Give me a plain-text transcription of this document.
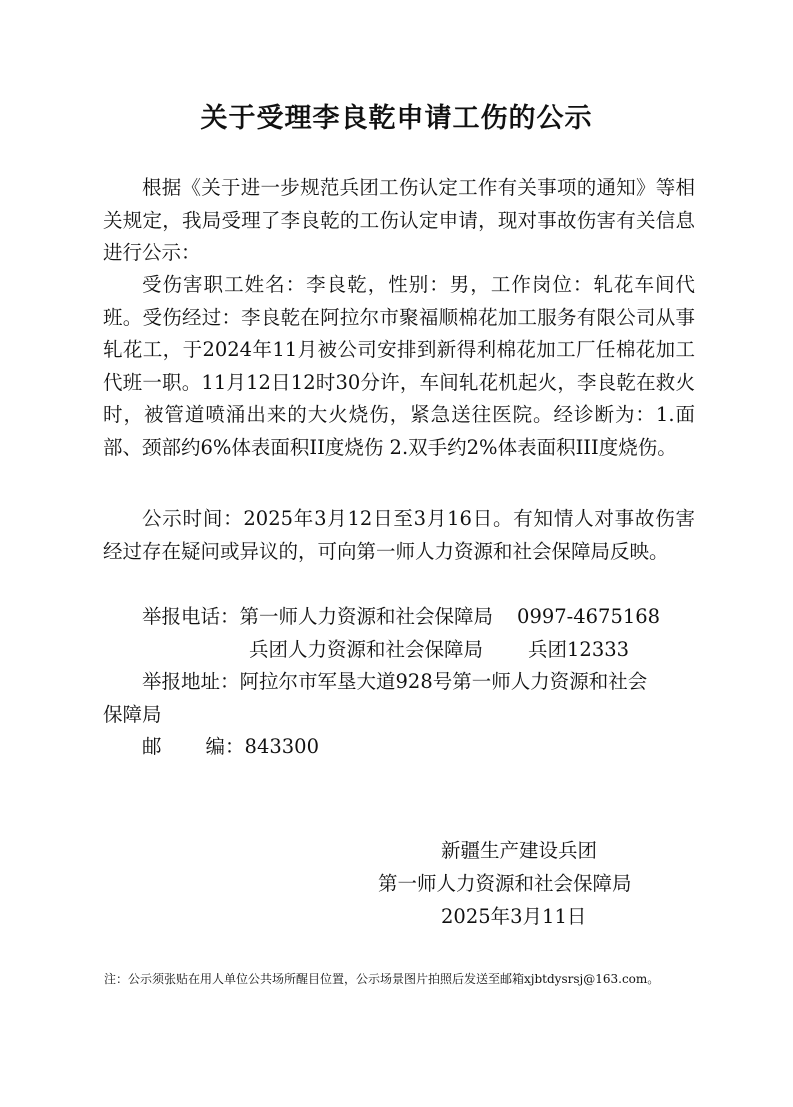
关于受理李良乾申请工伤的公示

根据《关于进一步规范兵团工伤认定工作有关事项的通知》等相关规定，我局受理了李良乾的工伤认定申请，现对事故伤害有关信息进行公示：

受伤害职工姓名：李良乾，性别：男，工作岗位：轧花车间代班。受伤经过：李良乾在阿拉尔市聚福顺棉花加工服务有限公司从事轧花工，于2024年11月被公司安排到新得利棉花加工厂任棉花加工代班一职。11月12日12时30分许，车间轧花机起火，李良乾在救火时，被管道喷涌出来的大火烧伤，紧急送往医院。经诊断为：1.面部、颈部约6%体表面积II度烧伤 2.双手约2%体表面积III度烧伤。

公示时间：2025年3月12日至3月16日。有知情人对事故伤害经过存在疑问或异议的，可向第一师人力资源和社会保障局反映。

举报电话：第一师人力资源和社会保障局 0997-4675168
兵团人力资源和社会保障局 兵团12333
举报地址：阿拉尔市军垦大道928号第一师人力资源和社会
保障局
邮 编：843300
新疆生产建设兵团
第一师人力资源和社会保障局
2025年3月11日
注：公示须张贴在用人单位公共场所醒目位置，公示场景图片拍照后发送至邮箱xjbtdysrsj@163.com。
